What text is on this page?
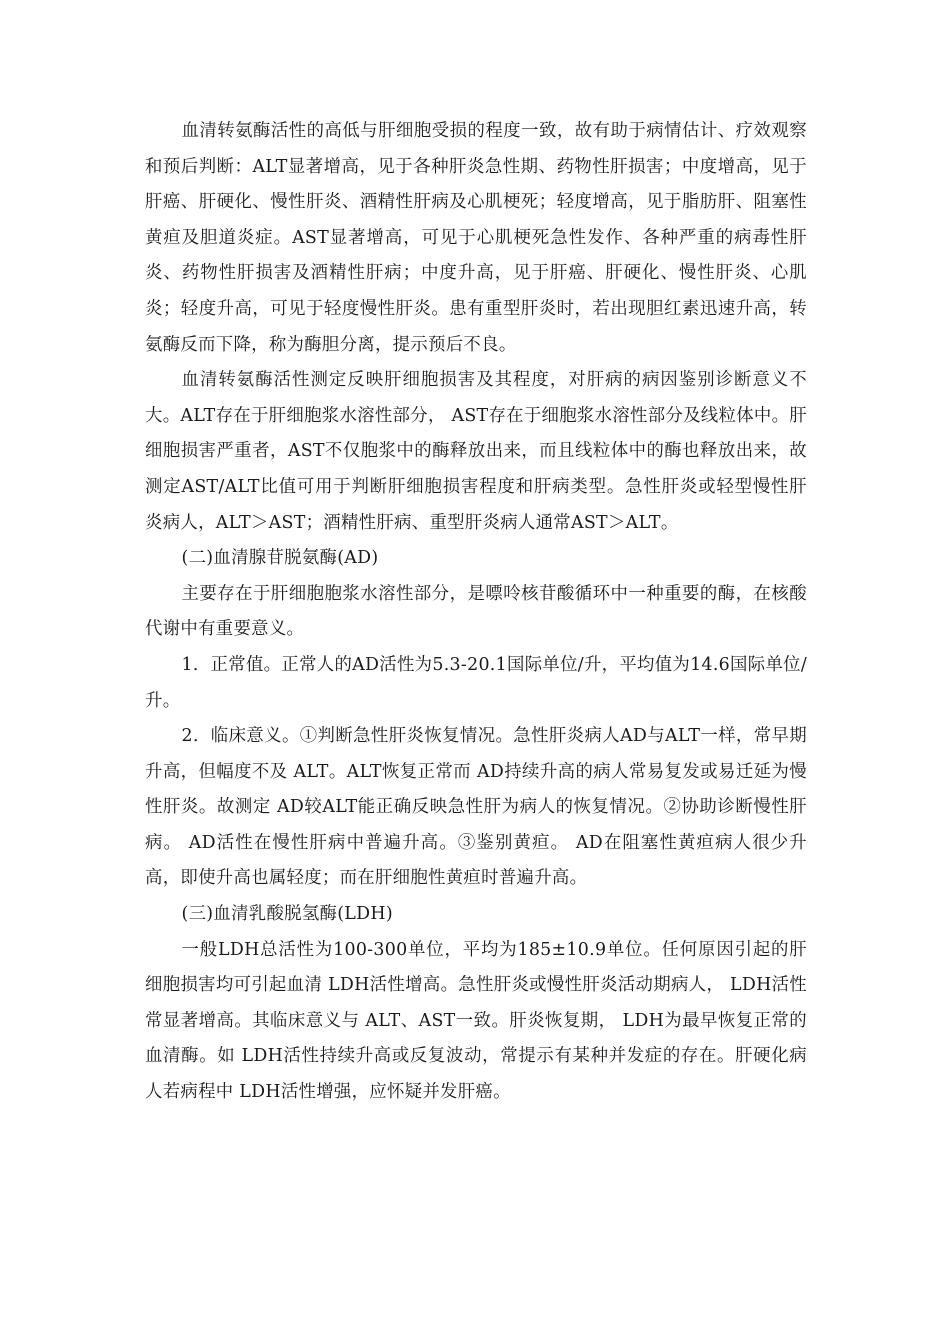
血清转氨酶活性的高低与肝细胞受损的程度一致，故有助于病情估计、疗效观察和预后判断：ALT显著增高，见于各种肝炎急性期、药物性肝损害；中度增高，见于肝癌、肝硬化、慢性肝炎、酒精性肝病及心肌梗死；轻度增高，见于脂肪肝、阻塞性黄疸及胆道炎症。AST显著增高，可见于心肌梗死急性发作、各种严重的病毒性肝炎、药物性肝损害及酒精性肝病；中度升高，见于肝癌、肝硬化、慢性肝炎、心肌炎；轻度升高，可见于轻度慢性肝炎。患有重型肝炎时，若出现胆红素迅速升高，转氨酶反而下降，称为酶胆分离，提示预后不良。

血清转氨酶活性测定反映肝细胞损害及其程度，对肝病的病因鉴别诊断意义不大。ALT存在于肝细胞浆水溶性部分， AST存在于细胞浆水溶性部分及线粒体中。肝细胞损害严重者，AST不仅胞浆中的酶释放出来，而且线粒体中的酶也释放出来，故测定AST/ALT比值可用于判断肝细胞损害程度和肝病类型。急性肝炎或轻型慢性肝炎病人，ALT＞AST；酒精性肝病、重型肝炎病人通常AST＞ALT。

(二)血清腺苷脱氨酶(AD)

主要存在于肝细胞胞浆水溶性部分，是嘌呤核苷酸循环中一种重要的酶，在核酸代谢中有重要意义。

1．正常值。正常人的AD活性为5.3-20.1国际单位/升，平均值为14.6国际单位/升。

2．临床意义。①判断急性肝炎恢复情况。急性肝炎病人AD与ALT一样，常早期升高，但幅度不及 ALT。ALT恢复正常而 AD持续升高的病人常易复发或易迁延为慢性肝炎。故测定 AD较ALT能正确反映急性肝为病人的恢复情况。②协助诊断慢性肝病。 AD活性在慢性肝病中普遍升高。③鉴别黄疸。 AD在阻塞性黄疸病人很少升高，即使升高也属轻度；而在肝细胞性黄疸时普遍升高。

(三)血清乳酸脱氢酶(LDH)

一般LDH总活性为100-300单位，平均为185±10.9单位。任何原因引起的肝细胞损害均可引起血清 LDH活性增高。急性肝炎或慢性肝炎活动期病人， LDH活性常显著增高。其临床意义与 ALT、AST一致。肝炎恢复期， LDH为最早恢复正常的血清酶。如 LDH活性持续升高或反复波动，常提示有某种并发症的存在。肝硬化病人若病程中 LDH活性增强，应怀疑并发肝癌。
